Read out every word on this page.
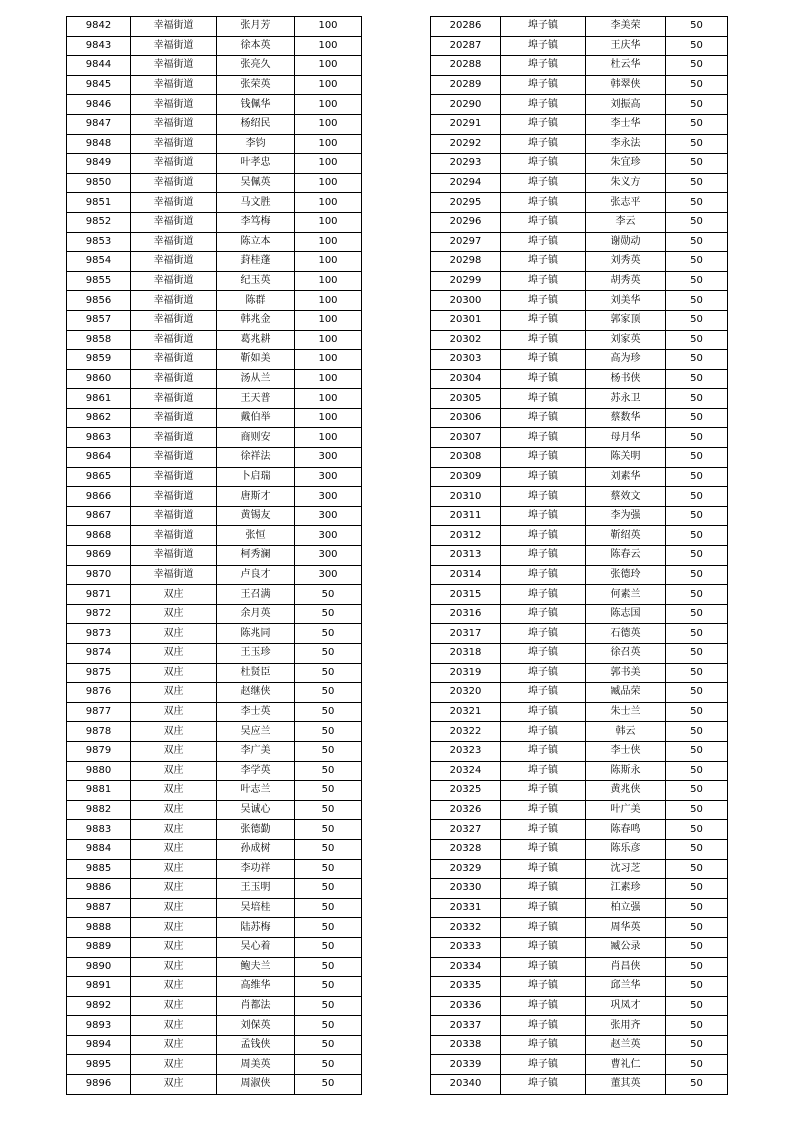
9842	幸福街道	张月芳	100
9843	幸福街道	徐本英	100
9844	幸福街道	张亮久	100
9845	幸福街道	张荣英	100
9846	幸福街道	钱佩华	100
9847	幸福街道	杨绍民	100
9848	幸福街道	李钧	100
9849	幸福街道	叶孝忠	100
9850	幸福街道	吴佩英	100
9851	幸福街道	马文胜	100
9852	幸福街道	李笃梅	100
9853	幸福街道	陈立本	100
9854	幸福街道	葑桂蓬	100
9855	幸福街道	纪玉英	100
9856	幸福街道	陈群	100
9857	幸福街道	韩兆金	100
9858	幸福街道	葛兆耕	100
9859	幸福街道	靳如美	100
9860	幸福街道	汤从兰	100
9861	幸福街道	王天普	100
9862	幸福街道	戴伯举	100
9863	幸福街道	商则安	100
9864	幸福街道	徐祥法	300
9865	幸福街道	卜启瑞	300
9866	幸福街道	唐斯才	300
9867	幸福街道	黄锡友	300
9868	幸福街道	张恒	300
9869	幸福街道	柯秀澜	300
9870	幸福街道	卢良才	300
9871	双庄	王召满	50
9872	双庄	余月英	50
9873	双庄	陈兆同	50
9874	双庄	王玉珍	50
9875	双庄	杜贤臣	50
9876	双庄	赵继侠	50
9877	双庄	李士英	50
9878	双庄	吴应兰	50
9879	双庄	李广美	50
9880	双庄	李学英	50
9881	双庄	叶志兰	50
9882	双庄	吴诚心	50
9883	双庄	张德勤	50
9884	双庄	孙成树	50
9885	双庄	李功祥	50
9886	双庄	王玉明	50
9887	双庄	吴培桂	50
9888	双庄	陆苏梅	50
9889	双庄	吴心着	50
9890	双庄	鲍夫兰	50
9891	双庄	高维华	50
9892	双庄	肖都法	50
9893	双庄	刘保英	50
9894	双庄	孟钱侠	50
9895	双庄	周美英	50
9896	双庄	周淑侠	50
20286	埠子镇	李美荣	50
20287	埠子镇	王庆华	50
20288	埠子镇	杜云华	50
20289	埠子镇	韩翠侠	50
20290	埠子镇	刘振高	50
20291	埠子镇	李士华	50
20292	埠子镇	李永法	50
20293	埠子镇	朱宜珍	50
20294	埠子镇	朱义方	50
20295	埠子镇	张志平	50
20296	埠子镇	李云	50
20297	埠子镇	谢勋动	50
20298	埠子镇	刘秀英	50
20299	埠子镇	胡秀英	50
20300	埠子镇	刘美华	50
20301	埠子镇	郭家顶	50
20302	埠子镇	刘家英	50
20303	埠子镇	高为珍	50
20304	埠子镇	杨书侠	50
20305	埠子镇	苏永卫	50
20306	埠子镇	蔡数华	50
20307	埠子镇	母月华	50
20308	埠子镇	陈关明	50
20309	埠子镇	刘素华	50
20310	埠子镇	蔡效文	50
20311	埠子镇	李为强	50
20312	埠子镇	靳绍英	50
20313	埠子镇	陈春云	50
20314	埠子镇	张德玲	50
20315	埠子镇	何素兰	50
20316	埠子镇	陈志国	50
20317	埠子镇	石德英	50
20318	埠子镇	徐召英	50
20319	埠子镇	郭书美	50
20320	埠子镇	臧品荣	50
20321	埠子镇	朱士兰	50
20322	埠子镇	韩云	50
20323	埠子镇	李士侠	50
20324	埠子镇	陈斯永	50
20325	埠子镇	黄兆侠	50
20326	埠子镇	叶广美	50
20327	埠子镇	陈春鸣	50
20328	埠子镇	陈乐彦	50
20329	埠子镇	沈习芝	50
20330	埠子镇	江素珍	50
20331	埠子镇	柏立强	50
20332	埠子镇	周华英	50
20333	埠子镇	臧公录	50
20334	埠子镇	肖昌侠	50
20335	埠子镇	邱兰华	50
20336	埠子镇	巩凤才	50
20337	埠子镇	张用齐	50
20338	埠子镇	赵兰英	50
20339	埠子镇	曹礼仁	50
20340	埠子镇	董其英	50
